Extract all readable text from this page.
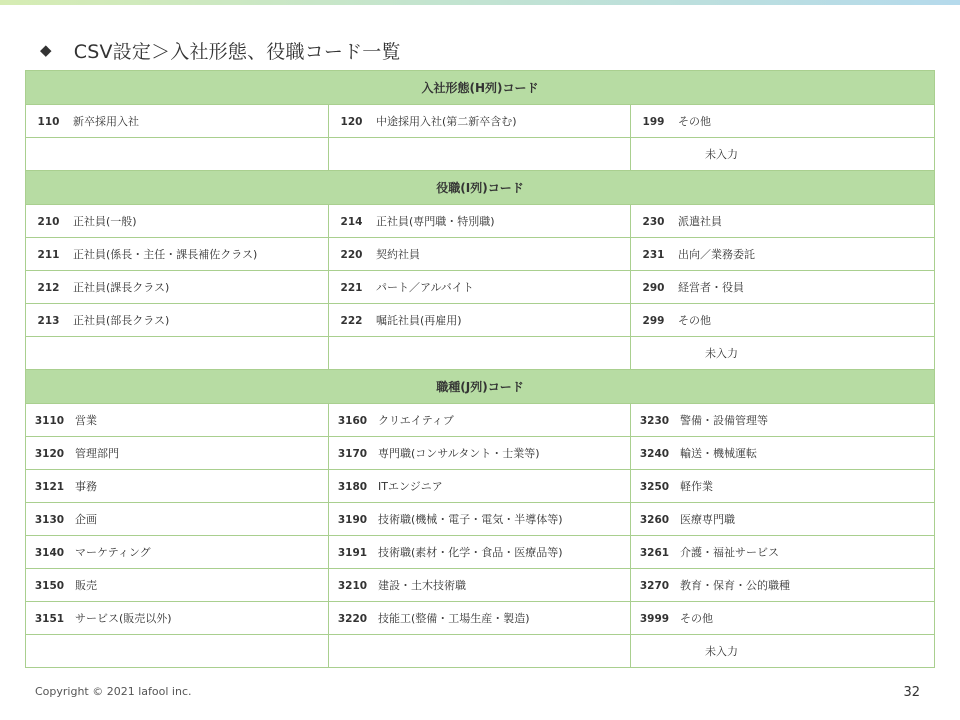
◆ CSV設定＞入社形態、役職コード一覧
入社形態(H列)コード		
110 新卒採用入社	120 中途採用入社(第二新卒含む)	199 その他
		未入力
役職(I列)コード		
210 正社員(一般)	214 正社員(専門職・特別職)	230 派遣社員
211 正社員(係長・主任・課長補佐クラス)	220 契約社員	231 出向／業務委託
212 正社員(課長クラス)	221 パート／アルバイト	290 経営者・役員
213 正社員(部長クラス)	222 嘱託社員(再雇用)	299 その他
		未入力
職種(J列)コード		
3110 営業	3160 クリエイティブ	3230 警備・設備管理等
3120 管理部門	3170 専門職(コンサルタント・士業等)	3240 輸送・機械運転
3121 事務	3180 ITエンジニア	3250 軽作業
3130 企画	3190 技術職(機械・電子・電気・半導体等)	3260 医療専門職
3140 マーケティング	3191 技術職(素材・化学・食品・医療品等)	3261 介護・福祉サービス
3150 販売	3210 建設・土木技術職	3270 教育・保育・公的職種
3151 サービス(販売以外)	3220 技能工(整備・工場生産・製造)	3999 その他
		未入力
Copyright © 2021 lafool inc.	32
